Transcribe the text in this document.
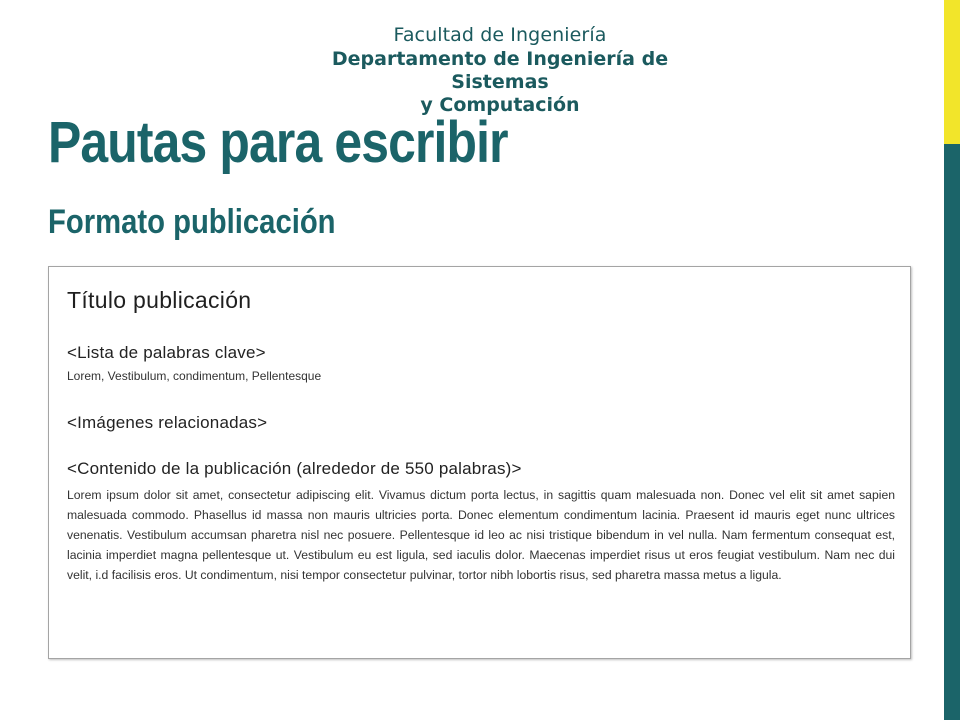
Facultad de Ingeniería
Departamento de Ingeniería de Sistemas
y Computación
Pautas para escribir
Formato publicación
Título publicación
<Lista de palabras clave>
Lorem, Vestibulum, condimentum, Pellentesque
<Imágenes relacionadas>
<Contenido de la publicación (alrededor de 550 palabras)>
Lorem ipsum dolor sit amet, consectetur adipiscing elit. Vivamus dictum porta lectus, in sagittis quam malesuada non. Donec vel elit sit amet sapien malesuada commodo. Phasellus id massa non mauris ultricies porta. Donec elementum condimentum lacinia. Praesent id mauris eget nunc ultrices venenatis. Vestibulum accumsan pharetra nisl nec posuere. Pellentesque id leo ac nisi tristique bibendum in vel nulla. Nam fermentum consequat est, lacinia imperdiet magna pellentesque ut. Vestibulum eu est ligula, sed iaculis dolor. Maecenas imperdiet risus ut eros feugiat vestibulum. Nam nec dui velit, i.d facilisis eros. Ut condimentum, nisi tempor consectetur pulvinar, tortor nibh lobortis risus, sed pharetra massa metus a ligula.
